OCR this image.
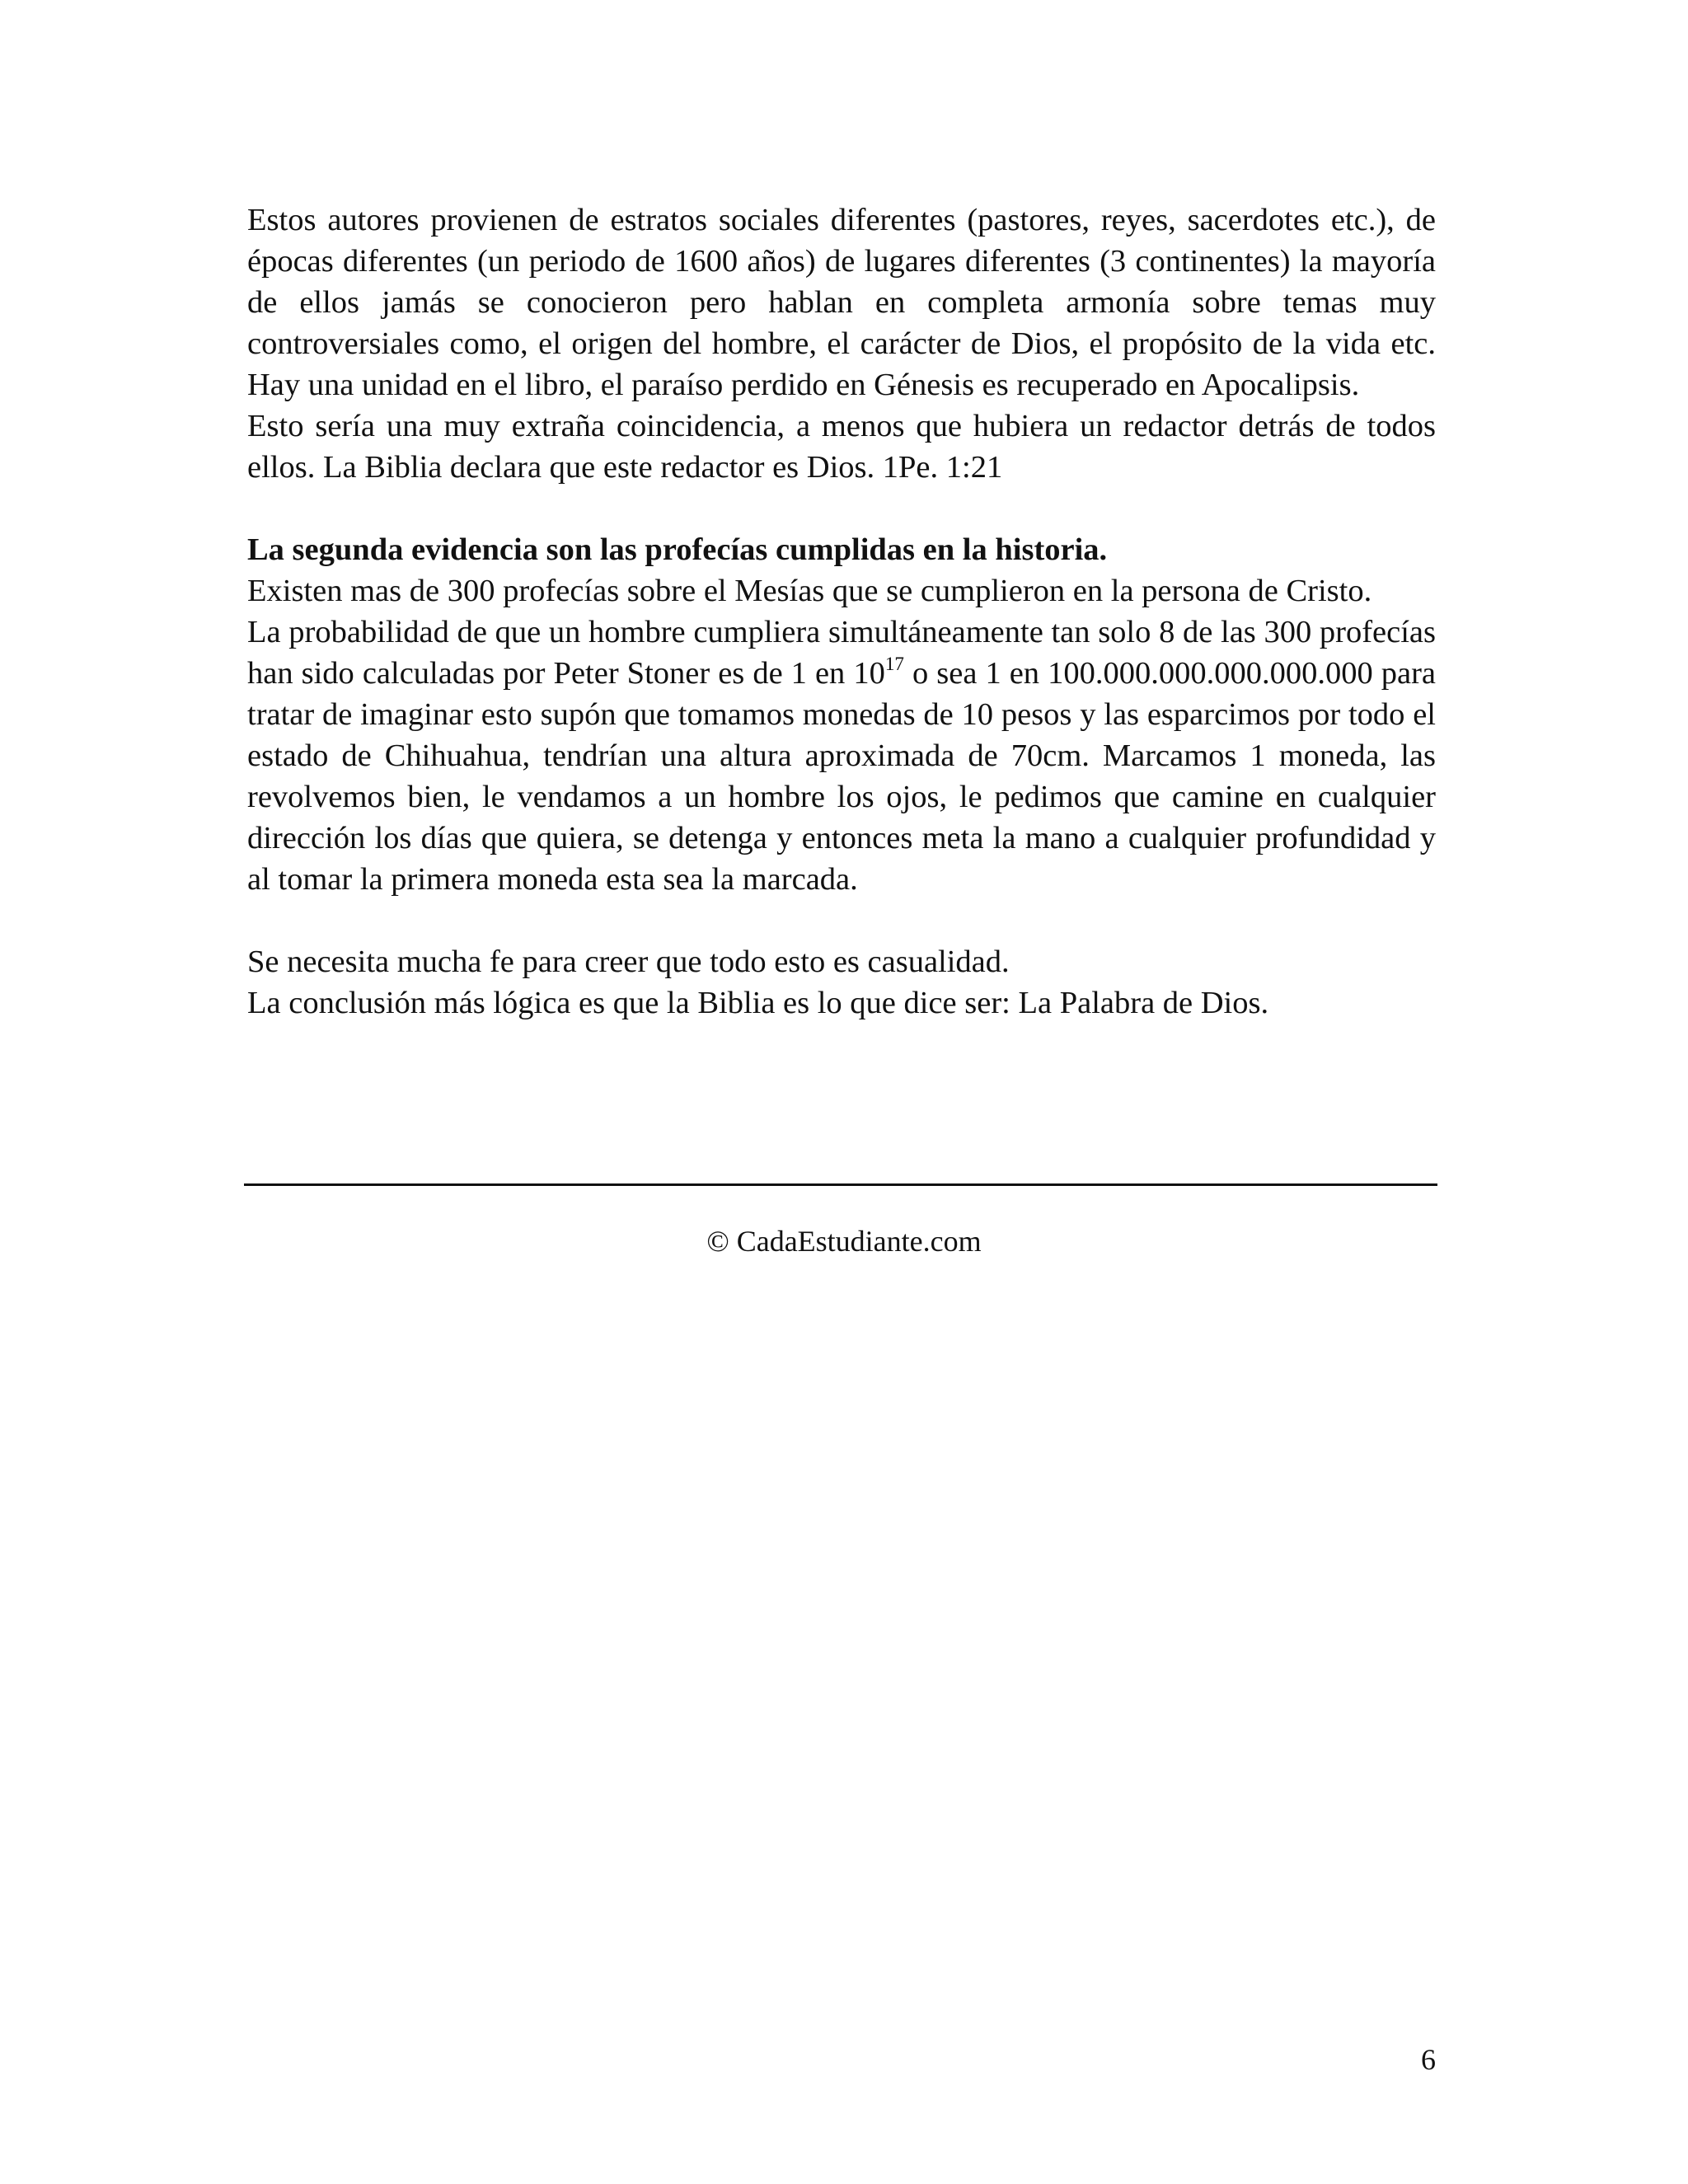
Estos autores provienen de estratos sociales diferentes (pastores, reyes, sacerdotes etc.), de épocas diferentes (un periodo de 1600 años) de lugares diferentes (3 continentes) la mayoría de ellos jamás se conocieron pero hablan en completa armonía sobre temas muy controversiales como, el origen del hombre, el carácter de Dios, el propósito de la vida etc. Hay una unidad en el libro, el paraíso perdido en Génesis es recuperado en Apocalipsis.

Esto sería una muy extraña coincidencia, a menos que hubiera un redactor detrás de todos ellos. La Biblia declara que este redactor es Dios. 1Pe. 1:21

La segunda evidencia son las profecías cumplidas en la historia.

Existen mas de 300 profecías sobre el Mesías que se cumplieron en la persona de Cristo.

La probabilidad de que un hombre cumpliera simultáneamente tan solo 8 de las 300 profecías han sido calculadas por Peter Stoner es de 1 en $10^{17}$ o sea 1 en 100.000.000.000.000.000 para tratar de imaginar esto supón que tomamos monedas de 10 pesos y las esparcimos por todo el estado de Chihuahua, tendrían una altura aproximada de 70cm. Marcamos 1 moneda, las revolvemos bien, le vendamos a un hombre los ojos, le pedimos que camine en cualquier dirección los días que quiera, se detenga y entonces meta la mano a cualquier profundidad y al tomar la primera moneda esta sea la marcada.

Se necesita mucha fe para creer que todo esto es casualidad.

La conclusión más lógica es que la Biblia es lo que dice ser: La Palabra de Dios.

© CadaEstudiante.com
6
